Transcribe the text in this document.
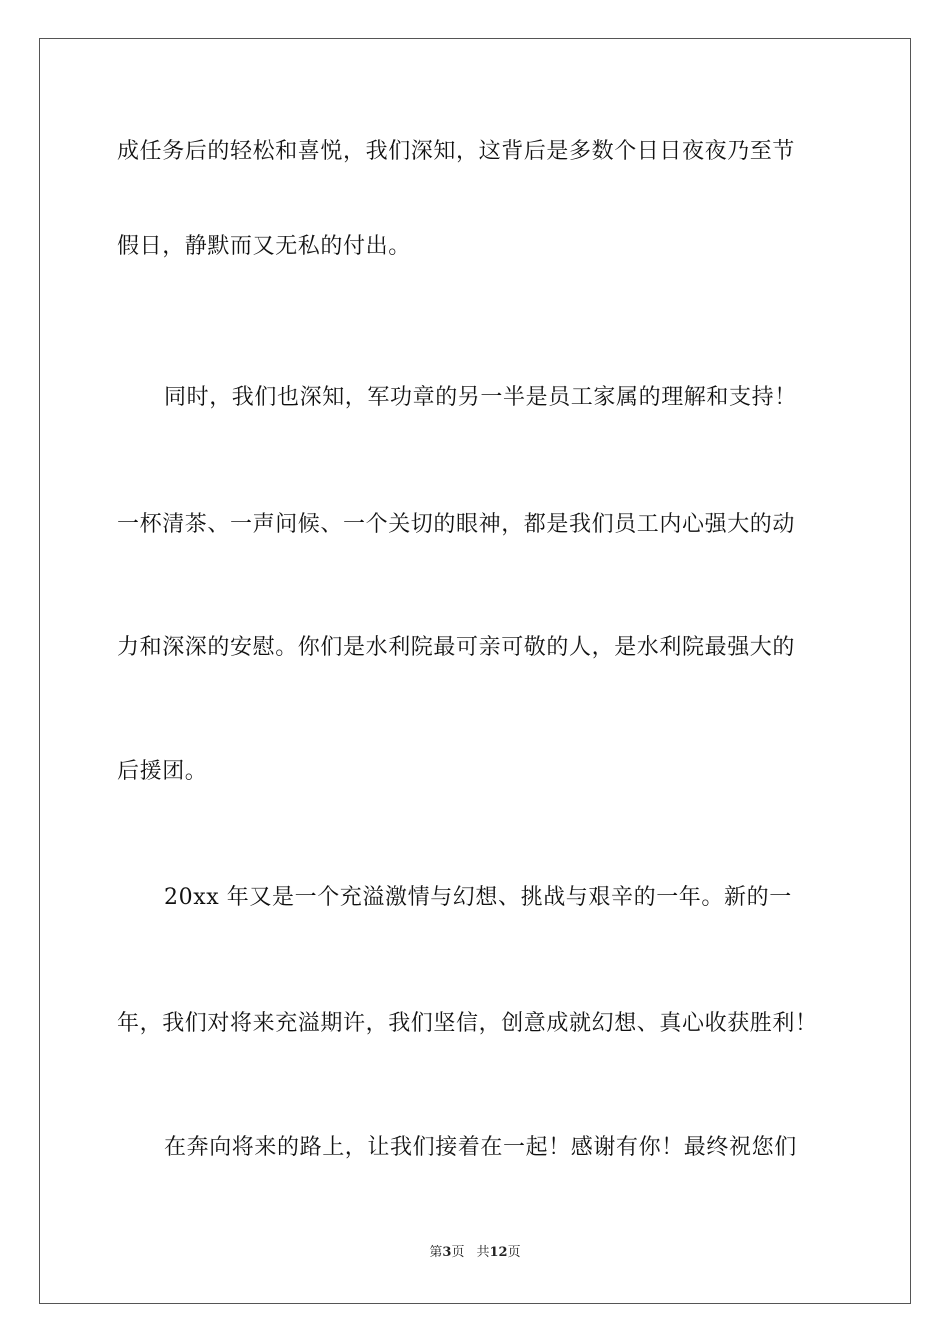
成任务后的轻松和喜悦，我们深知，这背后是多数个日日夜夜乃至节
假日，静默而又无私的付出。
同时，我们也深知，军功章的另一半是员工家属的理解和支持！
一杯清茶、一声问候、一个关切的眼神，都是我们员工内心强大的动
力和深深的安慰。你们是水利院最可亲可敬的人，是水利院最强大的
后援团。
20xx 年又是一个充溢激情与幻想、挑战与艰辛的一年。新的一
年，我们对将来充溢期许，我们坚信，创意成就幻想、真心收获胜利！
在奔向将来的路上，让我们接着在一起！感谢有你！最终祝您们
第3页 共12页
